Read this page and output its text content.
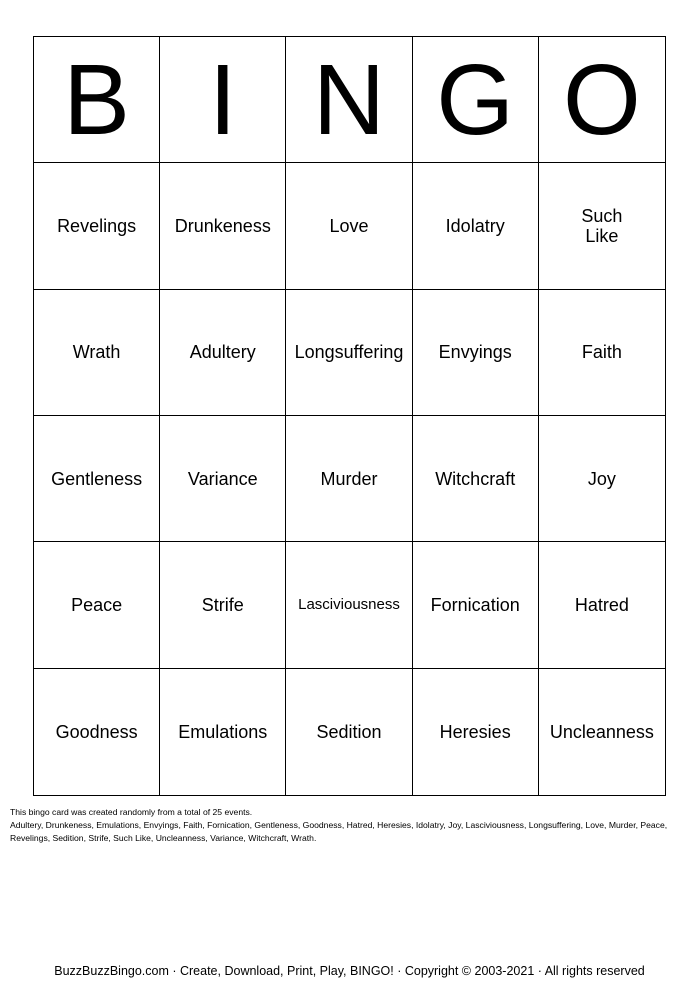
B I N G O
Revelings	Drunkeness	Love	Idolatry	Such
Like
Wrath	Adultery	Longsuffering	Envyings	Faith
Gentleness	Variance	Murder	Witchcraft	Joy
Peace	Strife	Lasciviousness	Fornication	Hatred
Goodness	Emulations	Sedition	Heresies	Uncleanness
This bingo card was created randomly from a total of 25 events.
Adultery, Drunkeness, Emulations, Envyings, Faith, Fornication, Gentleness, Goodness, Hatred, Heresies, Idolatry, Joy, Lasciviousness, Longsuffering, Love, Murder, Peace, Revelings, Sedition, Strife, Such Like, Uncleanness, Variance, Witchcraft, Wrath.
BuzzBuzzBingo.com · Create, Download, Print, Play, BINGO! · Copyright © 2003-2021 · All rights reserved
